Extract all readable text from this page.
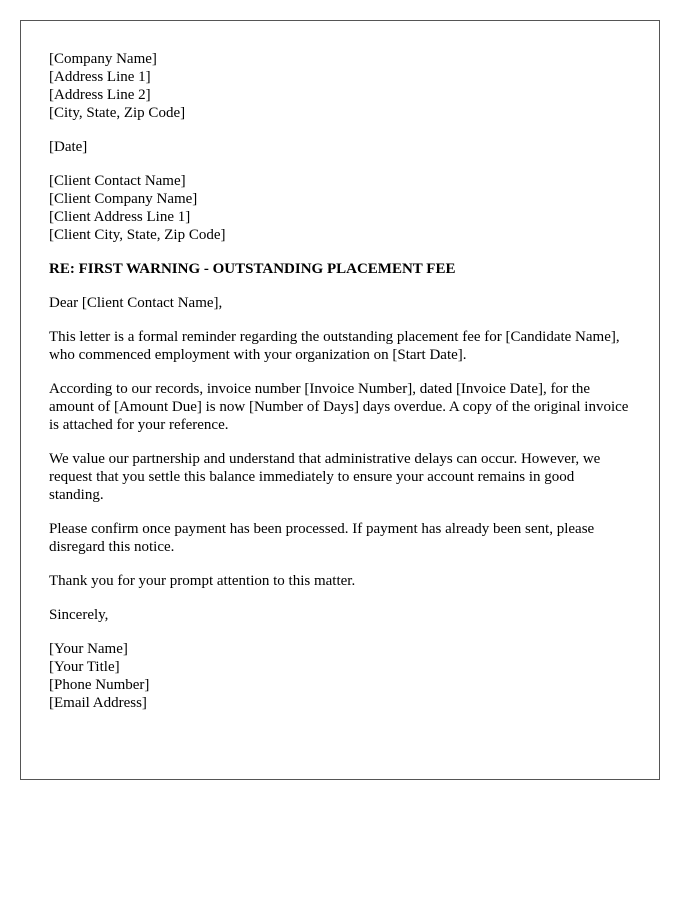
[Company Name]
[Address Line 1]
[Address Line 2]
[City, State, Zip Code]
[Date]
[Client Contact Name]
[Client Company Name]
[Client Address Line 1]
[Client City, State, Zip Code]
RE: FIRST WARNING - OUTSTANDING PLACEMENT FEE

Dear [Client Contact Name],

This letter is a formal reminder regarding the outstanding placement fee for [Candidate Name], who commenced employment with your organization on [Start Date].

According to our records, invoice number [Invoice Number], dated [Invoice Date], for the amount of [Amount Due] is now [Number of Days] days overdue. A copy of the original invoice is attached for your reference.

We value our partnership and understand that administrative delays can occur. However, we request that you settle this balance immediately to ensure your account remains in good standing.

Please confirm once payment has been processed. If payment has already been sent, please disregard this notice.

Thank you for your prompt attention to this matter.

Sincerely,

[Your Name]
[Your Title]
[Phone Number]
[Email Address]
